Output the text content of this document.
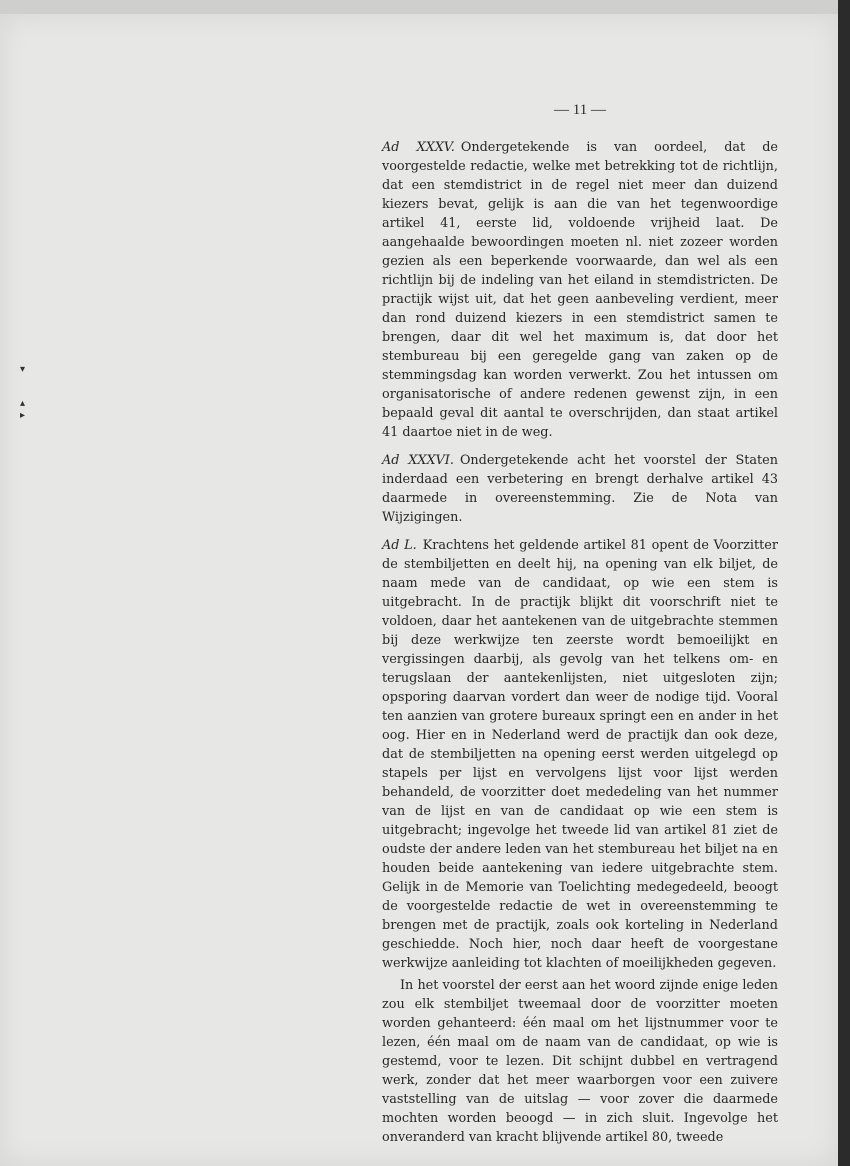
— 11 —
▾
▴
▸

Ad XXXV. Ondergetekende is van oordeel, dat de voorgestelde redactie, welke met betrekking tot de richtlijn, dat een stemdistrict in de regel niet meer dan duizend kiezers bevat, gelijk is aan die van het tegenwoordige artikel 41, eerste lid, voldoende vrijheid laat. De aangehaalde bewoordingen moeten nl. niet zozeer worden gezien als een beperkende voorwaarde, dan wel als een richtlijn bij de indeling van het eiland in stemdistricten. De practijk wijst uit, dat het geen aanbeveling verdient, meer dan rond duizend kiezers in een stemdistrict samen te brengen, daar dit wel het maximum is, dat door het stembureau bij een geregelde gang van zaken op de stemmingsdag kan worden verwerkt. Zou het intussen om organisatorische of andere redenen gewenst zijn, in een bepaald geval dit aantal te overschrijden, dan staat artikel 41 daartoe niet in de weg.

Ad XXXVI. Ondergetekende acht het voorstel der Staten inderdaad een verbetering en brengt derhalve artikel 43 daarmede in overeenstemming. Zie de Nota van Wijzigingen.

Ad L. Krachtens het geldende artikel 81 opent de Voorzitter de stembiljetten en deelt hij, na opening van elk biljet, de naam mede van de candidaat, op wie een stem is uitgebracht. In de practijk blijkt dit voorschrift niet te voldoen, daar het aantekenen van de uitgebrachte stemmen bij deze werkwijze ten zeerste wordt bemoeilijkt en vergissingen daarbij, als gevolg van het telkens om- en terugslaan der aantekenlijsten, niet uitgesloten zijn; opsporing daarvan vordert dan weer de nodige tijd. Vooral ten aanzien van grotere bureaux springt een en ander in het oog. Hier en in Nederland werd de practijk dan ook deze, dat de stembiljetten na opening eerst werden uitgelegd op stapels per lijst en vervolgens lijst voor lijst werden behandeld, de voorzitter doet mededeling van het nummer van de lijst en van de candidaat op wie een stem is uitgebracht; ingevolge het tweede lid van artikel 81 ziet de oudste der andere leden van het stembureau het biljet na en houden beide aantekening van iedere uitgebrachte stem. Gelijk in de Memorie van Toelichting medegedeeld, beoogt de voorgestelde redactie de wet in overeenstemming te brengen met de practijk, zoals ook korteling in Nederland geschiedde. Noch hier, noch daar heeft de voorgestane werkwijze aanleiding tot klachten of moeilijkheden gegeven.

In het voorstel der eerst aan het woord zijnde enige leden zou elk stembiljet tweemaal door de voorzitter moeten worden gehanteerd: één maal om het lijstnummer voor te lezen, één maal om de naam van de candidaat, op wie is gestemd, voor te lezen. Dit schijnt dubbel en vertragend werk, zonder dat het meer waarborgen voor een zuivere vaststelling van de uitslag — voor zover die daarmede mochten worden beoogd — in zich sluit. Ingevolge het onveranderd van kracht blijvende artikel 80, tweede
